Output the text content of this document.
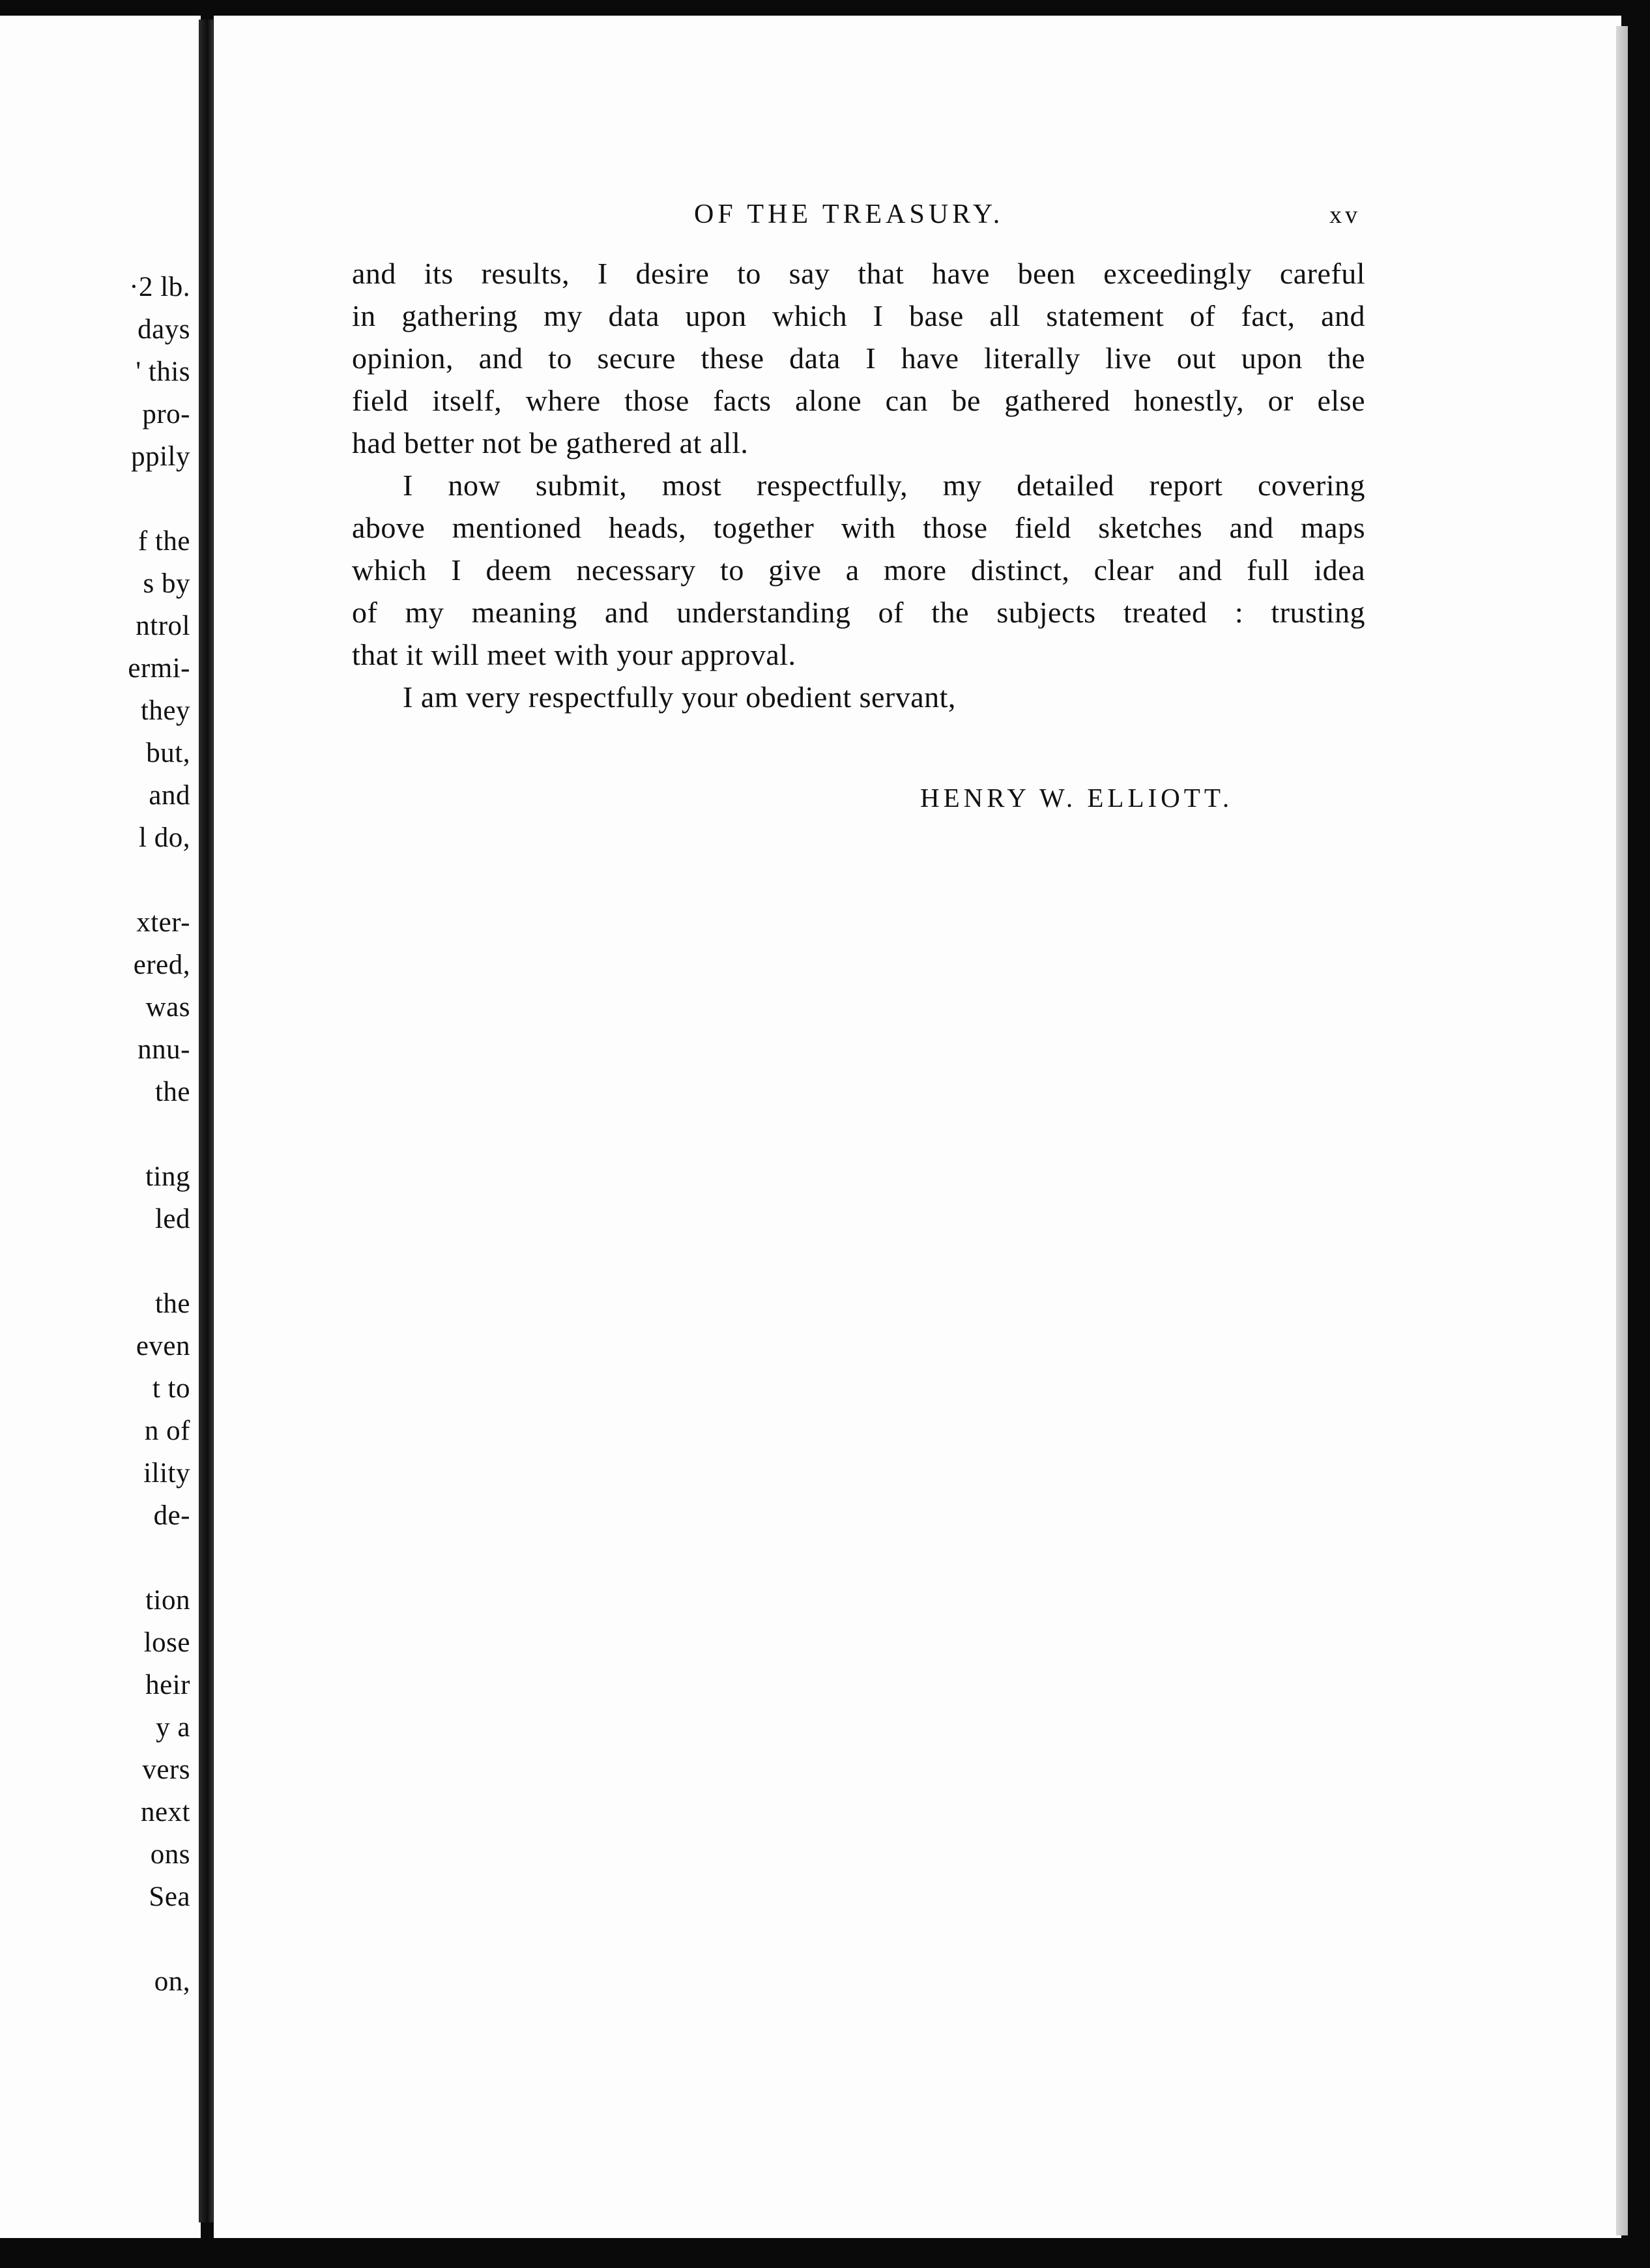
·2 lb.
days
' this
pro-
ppily
f the
s by
ntrol
ermi-
they
but,
and
l do,
xter-
ered,
was
nnu-
the
ting
led
the
even
t to
n of
ility
de-
tion
lose
heir
y a
vers
next
ons
Sea
on,
OF THE TREASURY.	xv
and its results, I desire to say that have been exceedingly careful
in gathering my data upon which I base all statement of fact, and
opinion, and to secure these data I have literally live out upon the
field itself, where those facts alone can be gathered honestly, or else
had better not be gathered at all.
I now submit, most respectfully, my detailed report covering
above mentioned heads, together with those field sketches and maps
which I deem necessary to give a more distinct, clear and full idea
of my meaning and understanding of the subjects treated : trusting
that it will meet with your approval.
I am very respectfully your obedient servant,
HENRY W. ELLIOTT.
